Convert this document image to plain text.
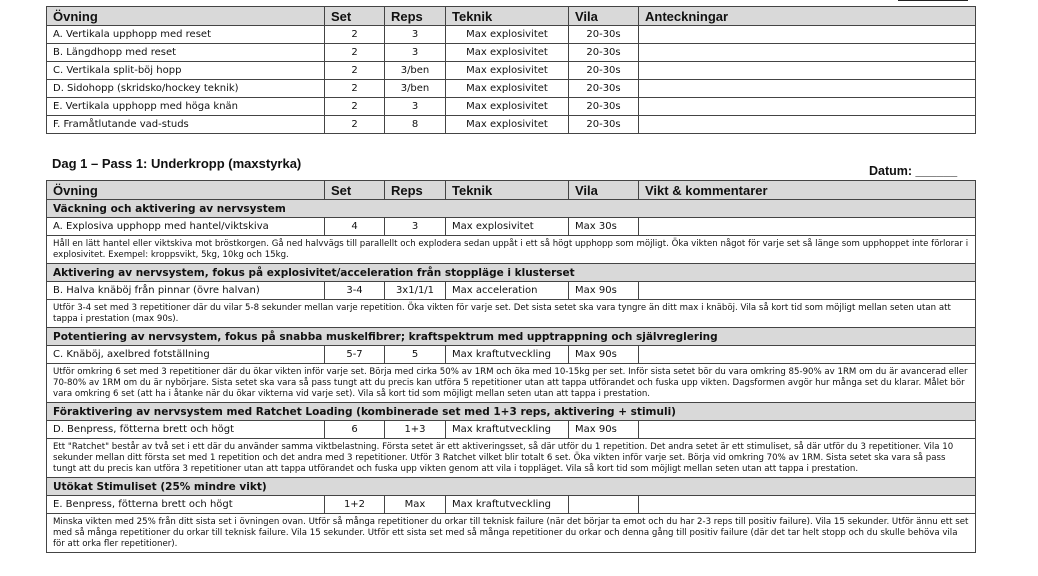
Övning	Set	Reps	Teknik	Vila	Anteckningar
A. Vertikala upphopp med reset	2	3	Max explosivitet	20-30s	
B. Längdhopp med reset	2	3	Max explosivitet	20-30s	
C. Vertikala split-böj hopp	2	3/ben	Max explosivitet	20-30s	
D. Sidohopp (skridsko/hockey teknik)	2	3/ben	Max explosivitet	20-30s	
E. Vertikala upphopp med höga knän	2	3	Max explosivitet	20-30s	
F. Framåtlutande vad-studs	2	8	Max explosivitet	20-30s	
Dag 1 – Pass 1: Underkropp (maxstyrka)	Datum: ______
Övning	Set	Reps	Teknik	Vila	Vikt & kommentarer
Väckning och aktivering av nervsystem					
A. Explosiva upphopp med hantel/viktskiva	4	3	Max explosivitet	Max 30s	
Håll en lätt hantel eller viktskiva mot bröstkorgen. Gå ned halvvägs till parallellt och explodera sedan uppåt i ett så högt upphopp som möjligt. Öka vikten något för varje set så länge som upphoppet inte förlorar i explosivitet. Exempel: kroppsvikt, 5kg, 10kg och 15kg.					
Aktivering av nervsystem, fokus på explosivitet/acceleration från stoppläge i klusterset					
B. Halva knäböj från pinnar (övre halvan)	3-4	3x1/1/1	Max acceleration	Max 90s	
Utför 3-4 set med 3 repetitioner där du vilar 5-8 sekunder mellan varje repetition. Öka vikten för varje set. Det sista setet ska vara tyngre än ditt max i knäböj. Vila så kort tid som möjligt mellan seten utan att tappa i prestation (max 90s).					
Potentiering av nervsystem, fokus på snabba muskelfibrer; kraftspektrum med upptrappning och självreglering					
C. Knäböj, axelbred fotställning	5-7	5	Max kraftutveckling	Max 90s	
Utför omkring 6 set med 3 repetitioner där du ökar vikten inför varje set. Börja med cirka 50% av 1RM och öka med 10-15kg per set. Inför sista setet bör du vara omkring 85-90% av 1RM om du är avancerad eller 70-80% av 1RM om du är nybörjare. Sista setet ska vara så pass tungt att du precis kan utföra 5 repetitioner utan att tappa utförandet och fuska upp vikten. Dagsformen avgör hur många set du klarar. Målet bör vara omkring 6 set (att ha i åtanke när du ökar vikterna vid varje set). Vila så kort tid som möjligt mellan seten utan att tappa i prestation.					
Föraktivering av nervsystem med Ratchet Loading (kombinerade set med 1+3 reps, aktivering + stimuli)					
D. Benpress, fötterna brett och högt	6	1+3	Max kraftutveckling	Max 90s	
Ett "Ratchet" består av två set i ett där du använder samma viktbelastning. Första setet är ett aktiveringsset, så där utför du 1 repetition. Det andra setet är ett stimuliset, så där utför du 3 repetitioner. Vila 10 sekunder mellan ditt första set med 1 repetition och det andra med 3 repetitioner. Utför 3 Ratchet vilket blir totalt 6 set. Öka vikten inför varje set. Börja vid omkring 70% av 1RM. Sista setet ska vara så pass tungt att du precis kan utföra 3 repetitioner utan att tappa utförandet och fuska upp vikten genom att vila i toppläget. Vila så kort tid som möjligt mellan seten utan att tappa i prestation.					
Utökat Stimuliset (25% mindre vikt)					
E. Benpress, fötterna brett och högt	1+2	Max	Max kraftutveckling		
Minska vikten med 25% från ditt sista set i övningen ovan. Utför så många repetitioner du orkar till teknisk failure (när det börjar ta emot och du har 2-3 reps till positiv failure). Vila 15 sekunder. Utför ännu ett set med så många repetitioner du orkar till teknisk failure. Vila 15 sekunder. Utför ett sista set med så många repetitioner du orkar och denna gång till positiv failure (där det tar helt stopp och du skulle behöva vila för att orka fler repetitioner).					
